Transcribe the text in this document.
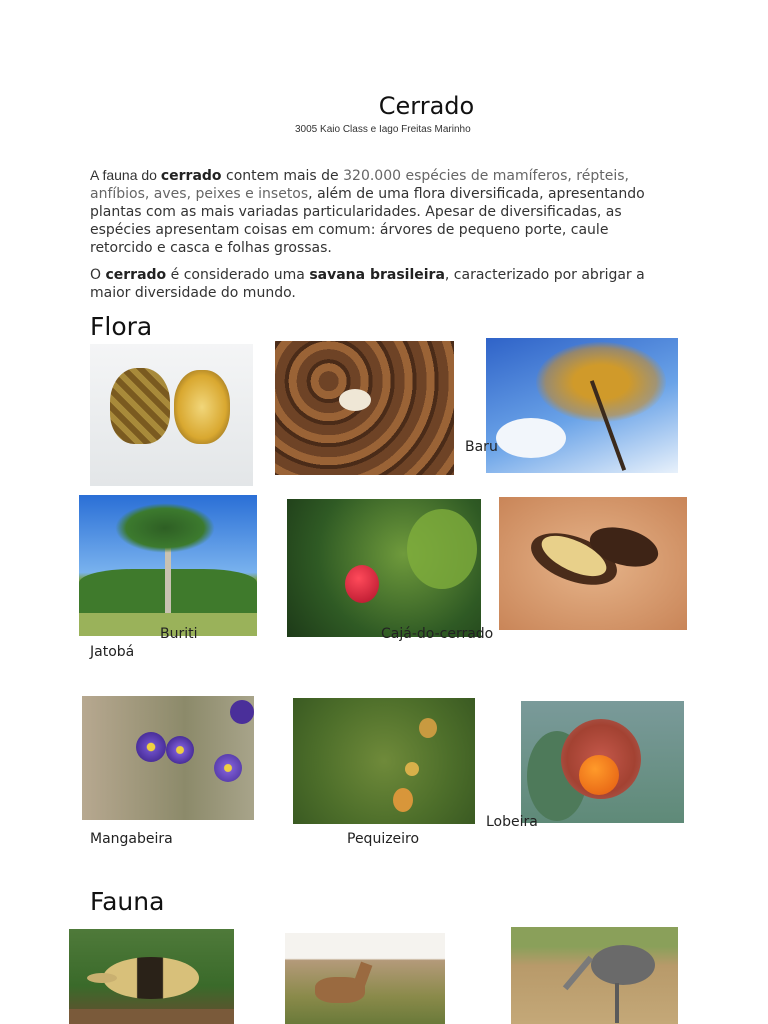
Cerrado
3005 Kaio Class e Iago Freitas Marinho
A fauna do cerrado contem mais de 320.000 espécies de mamíferos, répteis, anfíbios, aves, peixes e insetos, além de uma flora diversificada, apresentando plantas com as mais variadas particularidades. Apesar de diversificadas, as espécies apresentam coisas em comum: árvores de pequeno porte, caule retorcido e casca e folhas grossas.
O cerrado é considerado uma savana brasileira, caracterizado por abrigar a maior diversidade do mundo.
Flora
Baru
Buriti	Cajá-do-cerrado
Jatobá
Lobeira
Mangabeira	Pequizeiro
Fauna
